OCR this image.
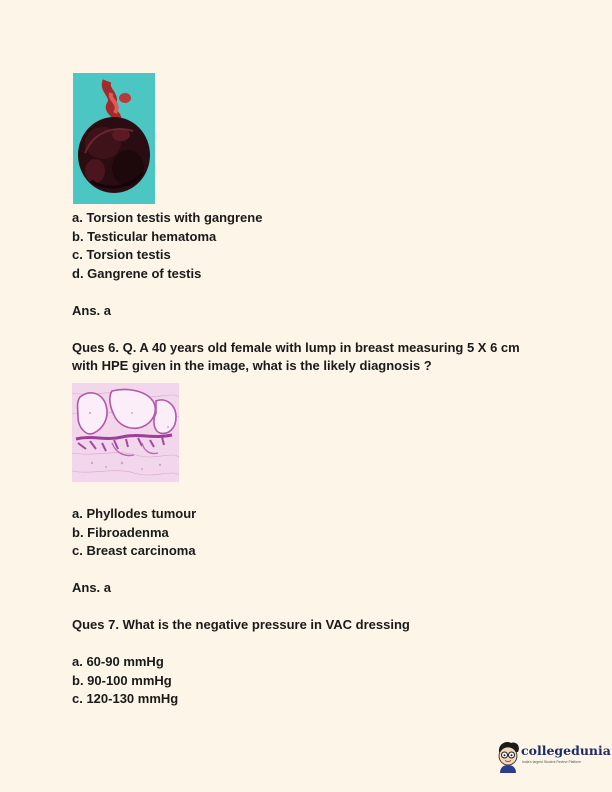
a. Torsion testis with gangrene
b. Testicular hematoma
c. Torsion testis
d. Gangrene of testis
Ans. a
Ques 6. Q. A 40 years old female with lump in breast measuring 5 X 6 cm
with HPE given in the image, what is the likely diagnosis ?
a. Phyllodes tumour
b. Fibroadenma
c. Breast carcinoma
Ans. a
Ques 7. What is the negative pressure in VAC dressing
a. 60-90 mmHg
b. 90-100 mmHg
c. 120-130 mmHg
collegedunia
India's largest Student Review Platform
